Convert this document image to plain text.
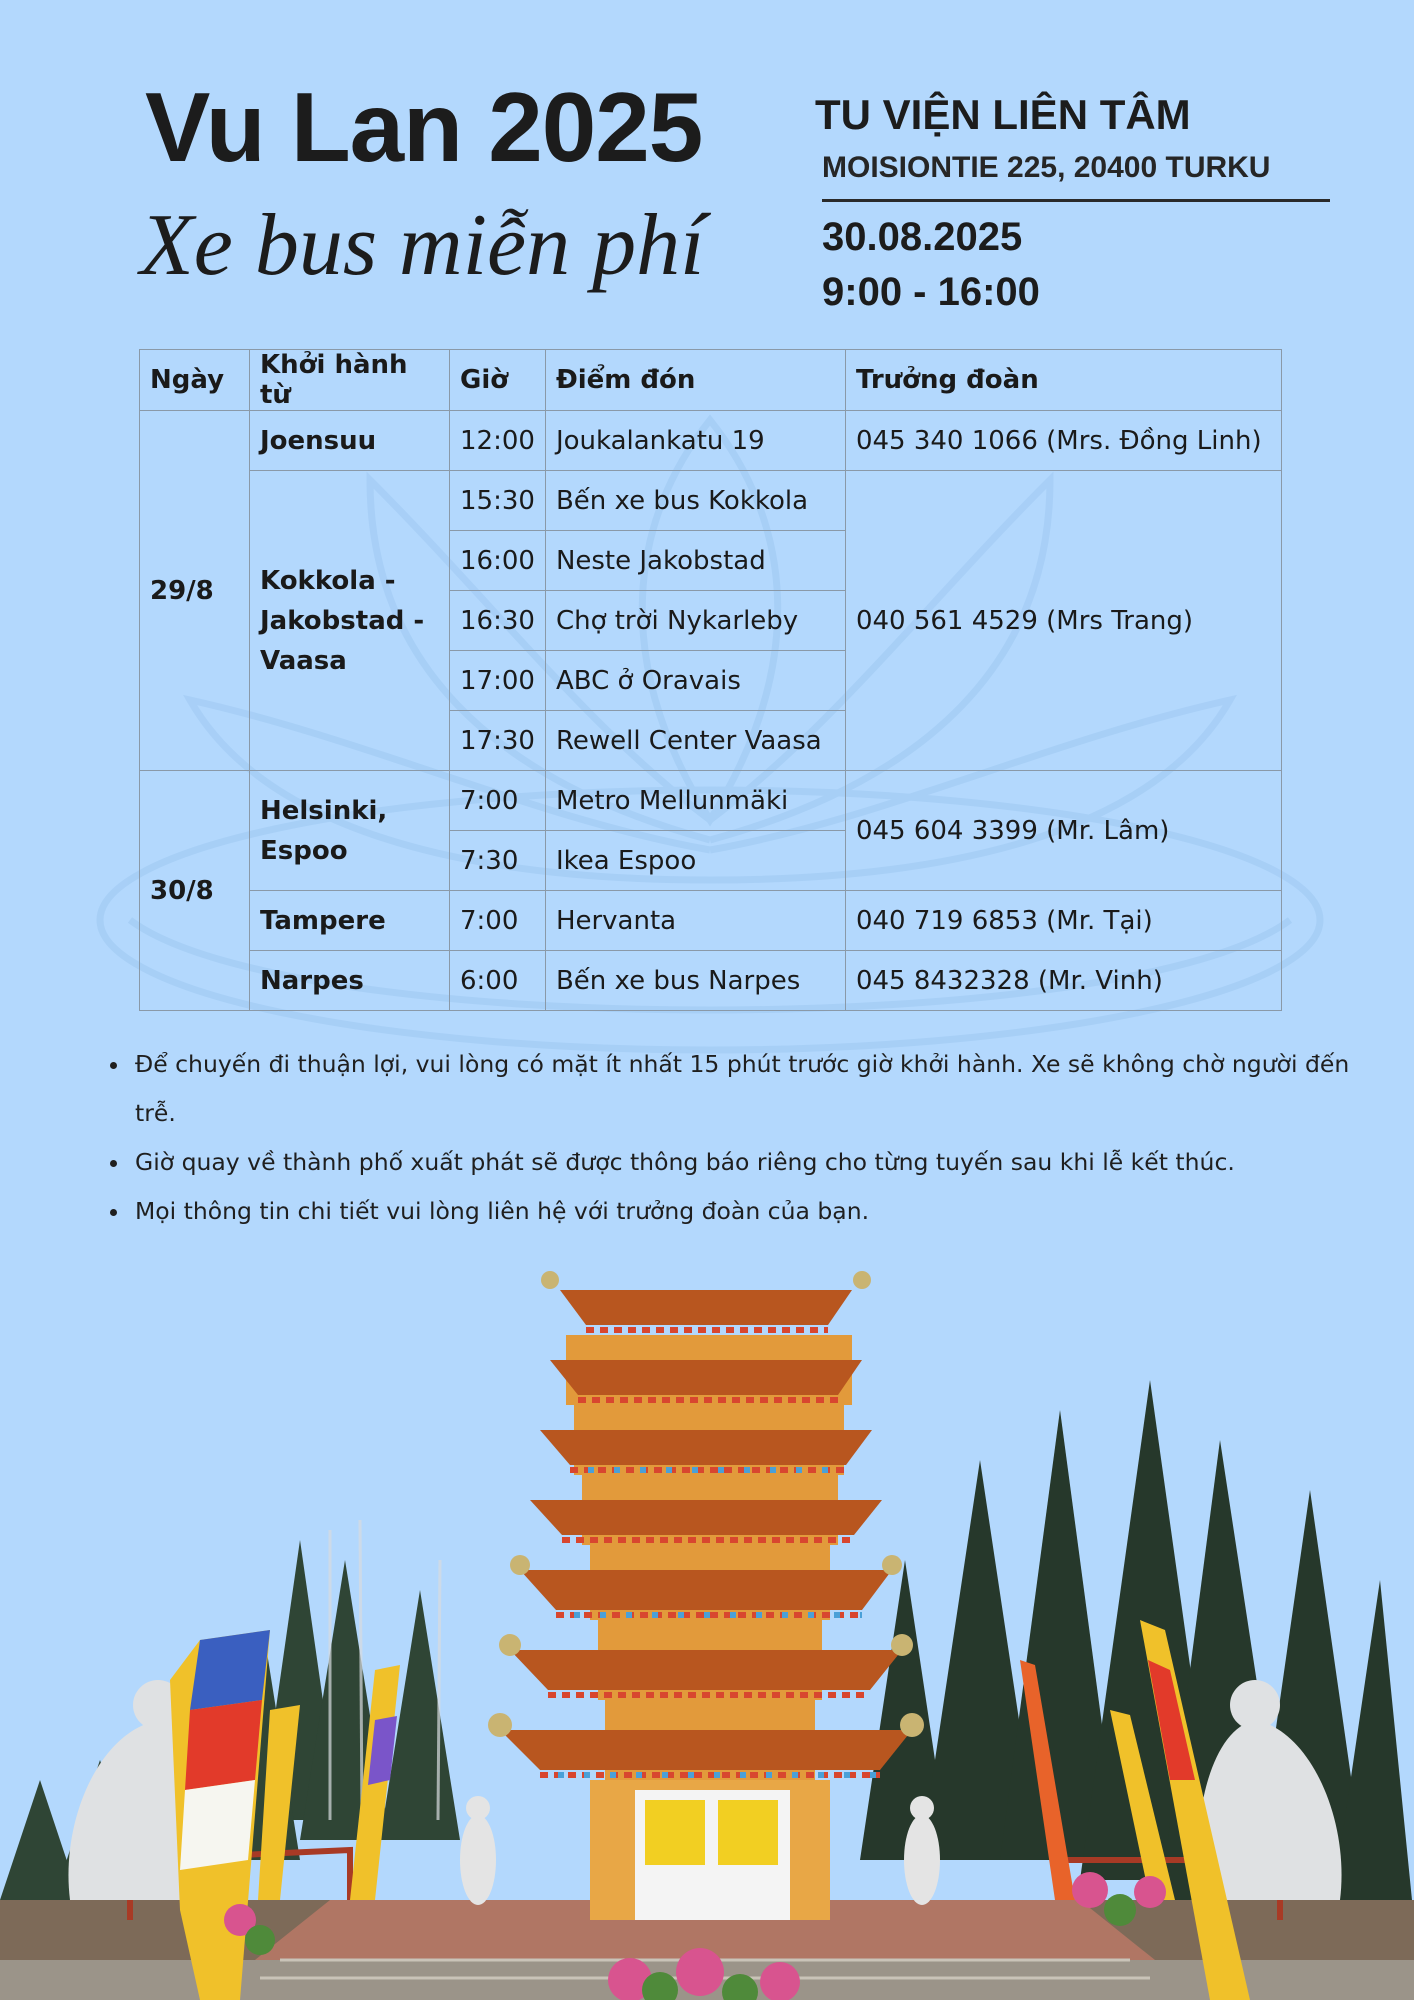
Vu Lan 2025
Xe bus miễn phí
TU VIỆN LIÊN TÂM
MOISIONTIE 225, 20400 TURKU
30.08.2025
9:00 - 16:00
Ngày	Khởi hành từ	Giờ	Điểm đón	Trưởng đoàn
29/8	Joensuu	12:00	Joukalankatu 19	045 340 1066 (Mrs. Đồng Linh)
	Kokkola -
Jakobstad -
Vaasa	15:30	Bến xe bus Kokkola	040 561 4529 (Mrs Trang)
		16:00	Neste Jakobstad	
		16:30	Chợ trời Nykarleby	
		17:00	ABC ở Oravais	
		17:30	Rewell Center Vaasa	
30/8	Helsinki,
Espoo	7:00	Metro Mellunmäki	045 604 3399 (Mr. Lâm)
		7:30	Ikea Espoo	
	Tampere	7:00	Hervanta	040 719 6853 (Mr. Tại)
	Narpes	6:00	Bến xe bus Narpes	045 8432328 (Mr. Vinh)
• Để chuyến đi thuận lợi, vui lòng có mặt ít nhất 15 phút trước giờ khởi hành. Xe sẽ không chờ người đến trễ.
• Giờ quay về thành phố xuất phát sẽ được thông báo riêng cho từng tuyến sau khi lễ kết thúc.
• Mọi thông tin chi tiết vui lòng liên hệ với trưởng đoàn của bạn.
